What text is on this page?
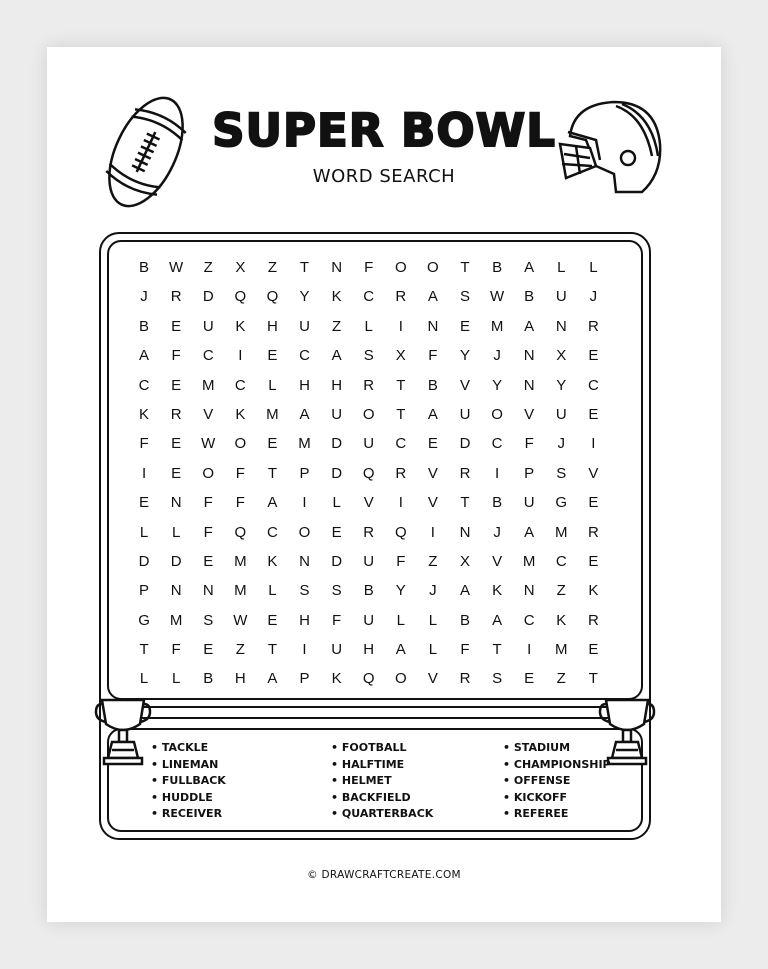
SUPER BOWL
WORD SEARCH
B	W	Z	X	Z	T	N	F	O	O	T	B	A	L	L
J	R	D	Q	Q	Y	K	C	R	A	S	W	B	U	J
B	E	U	K	H	U	Z	L	I	N	E	M	A	N	R
A	F	C	I	E	C	A	S	X	F	Y	J	N	X	E
C	E	M	C	L	H	H	R	T	B	V	Y	N	Y	C
K	R	V	K	M	A	U	O	T	A	U	O	V	U	E
F	E	W	O	E	M	D	U	C	E	D	C	F	J	I
I	E	O	F	T	P	D	Q	R	V	R	I	P	S	V
E	N	F	F	A	I	L	V	I	V	T	B	U	G	E
L	L	F	Q	C	O	E	R	Q	I	N	J	A	M	R
D	D	E	M	K	N	D	U	F	Z	X	V	M	C	E
P	N	N	M	L	S	S	B	Y	J	A	K	N	Z	K
G	M	S	W	E	H	F	U	L	L	B	A	C	K	R
T	F	E	Z	T	I	U	H	A	L	F	T	I	M	E
L	L	B	H	A	P	K	Q	O	V	R	S	E	Z	T
• TACKLE
• LINEMAN
• FULLBACK
• HUDDLE
• RECEIVER
• FOOTBALL
• HALFTIME
• HELMET
• BACKFIELD
• QUARTERBACK
• STADIUM
• CHAMPIONSHIP
• OFFENSE
• KICKOFF
• REFEREE
© DRAWCRAFTCREATE.COM
